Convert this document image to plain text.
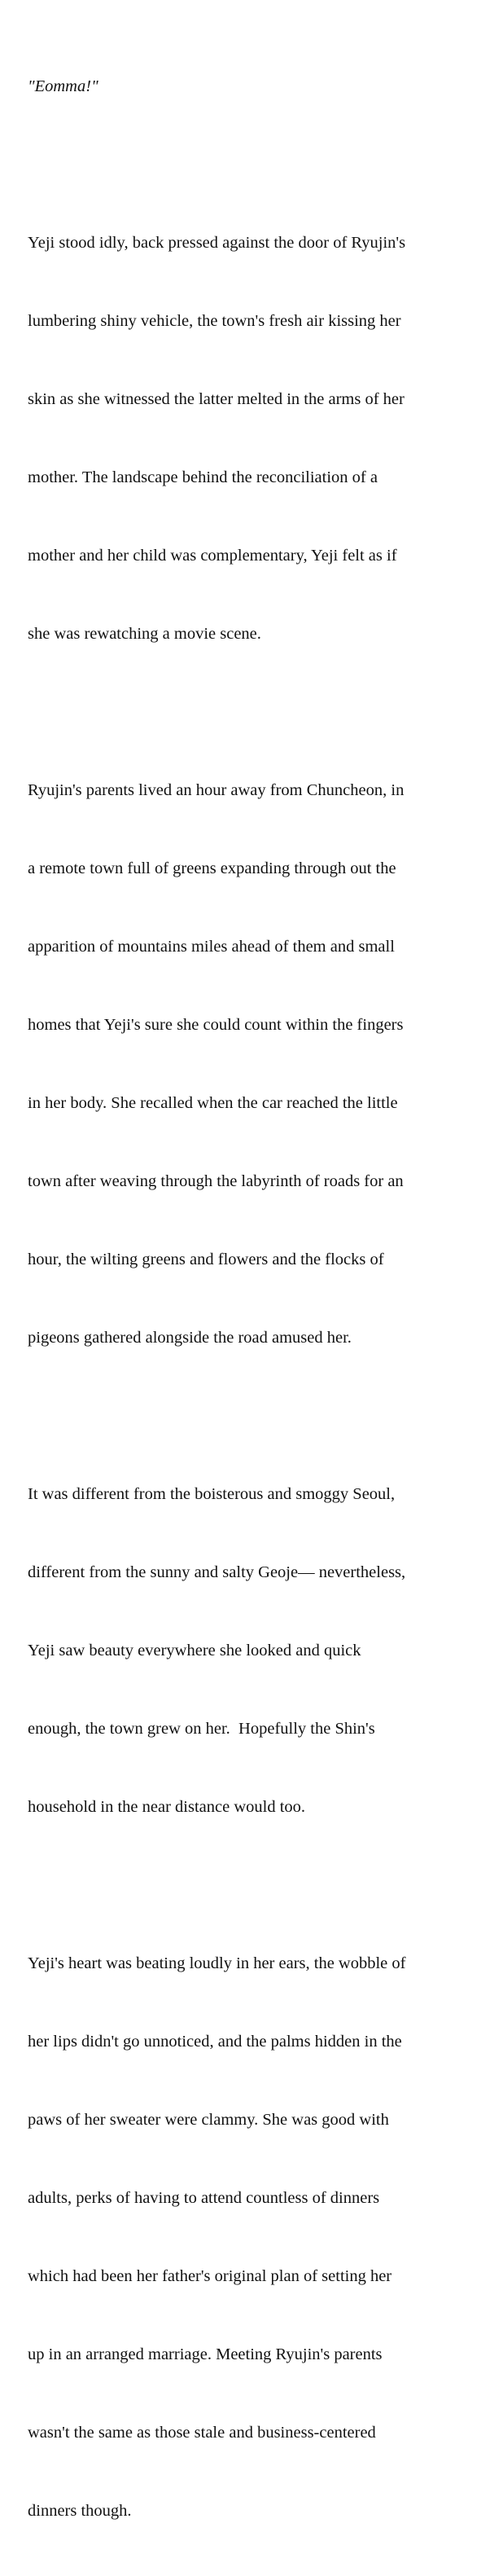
"Eomma!"

Yeji stood idly, back pressed against the door of Ryujin's

lumbering shiny vehicle, the town's fresh air kissing her

skin as she witnessed the latter melted in the arms of her

mother. The landscape behind the reconciliation of a

mother and her child was complementary, Yeji felt as if

she was rewatching a movie scene.

Ryujin's parents lived an hour away from Chuncheon, in

a remote town full of greens expanding through out the

apparition of mountains miles ahead of them and small

homes that Yeji's sure she could count within the fingers

in her body. She recalled when the car reached the little

town after weaving through the labyrinth of roads for an

hour, the wilting greens and flowers and the flocks of

pigeons gathered alongside the road amused her.

It was different from the boisterous and smoggy Seoul,

different from the sunny and salty Geoje— nevertheless,

Yeji saw beauty everywhere she looked and quick

enough, the town grew on her.  Hopefully the Shin's

household in the near distance would too.

Yeji's heart was beating loudly in her ears, the wobble of

her lips didn't go unnoticed, and the palms hidden in the

paws of her sweater were clammy. She was good with

adults, perks of having to attend countless of dinners

which had been her father's original plan of setting her

up in an arranged marriage. Meeting Ryujin's parents

wasn't the same as those stale and business-centered

dinners though.
